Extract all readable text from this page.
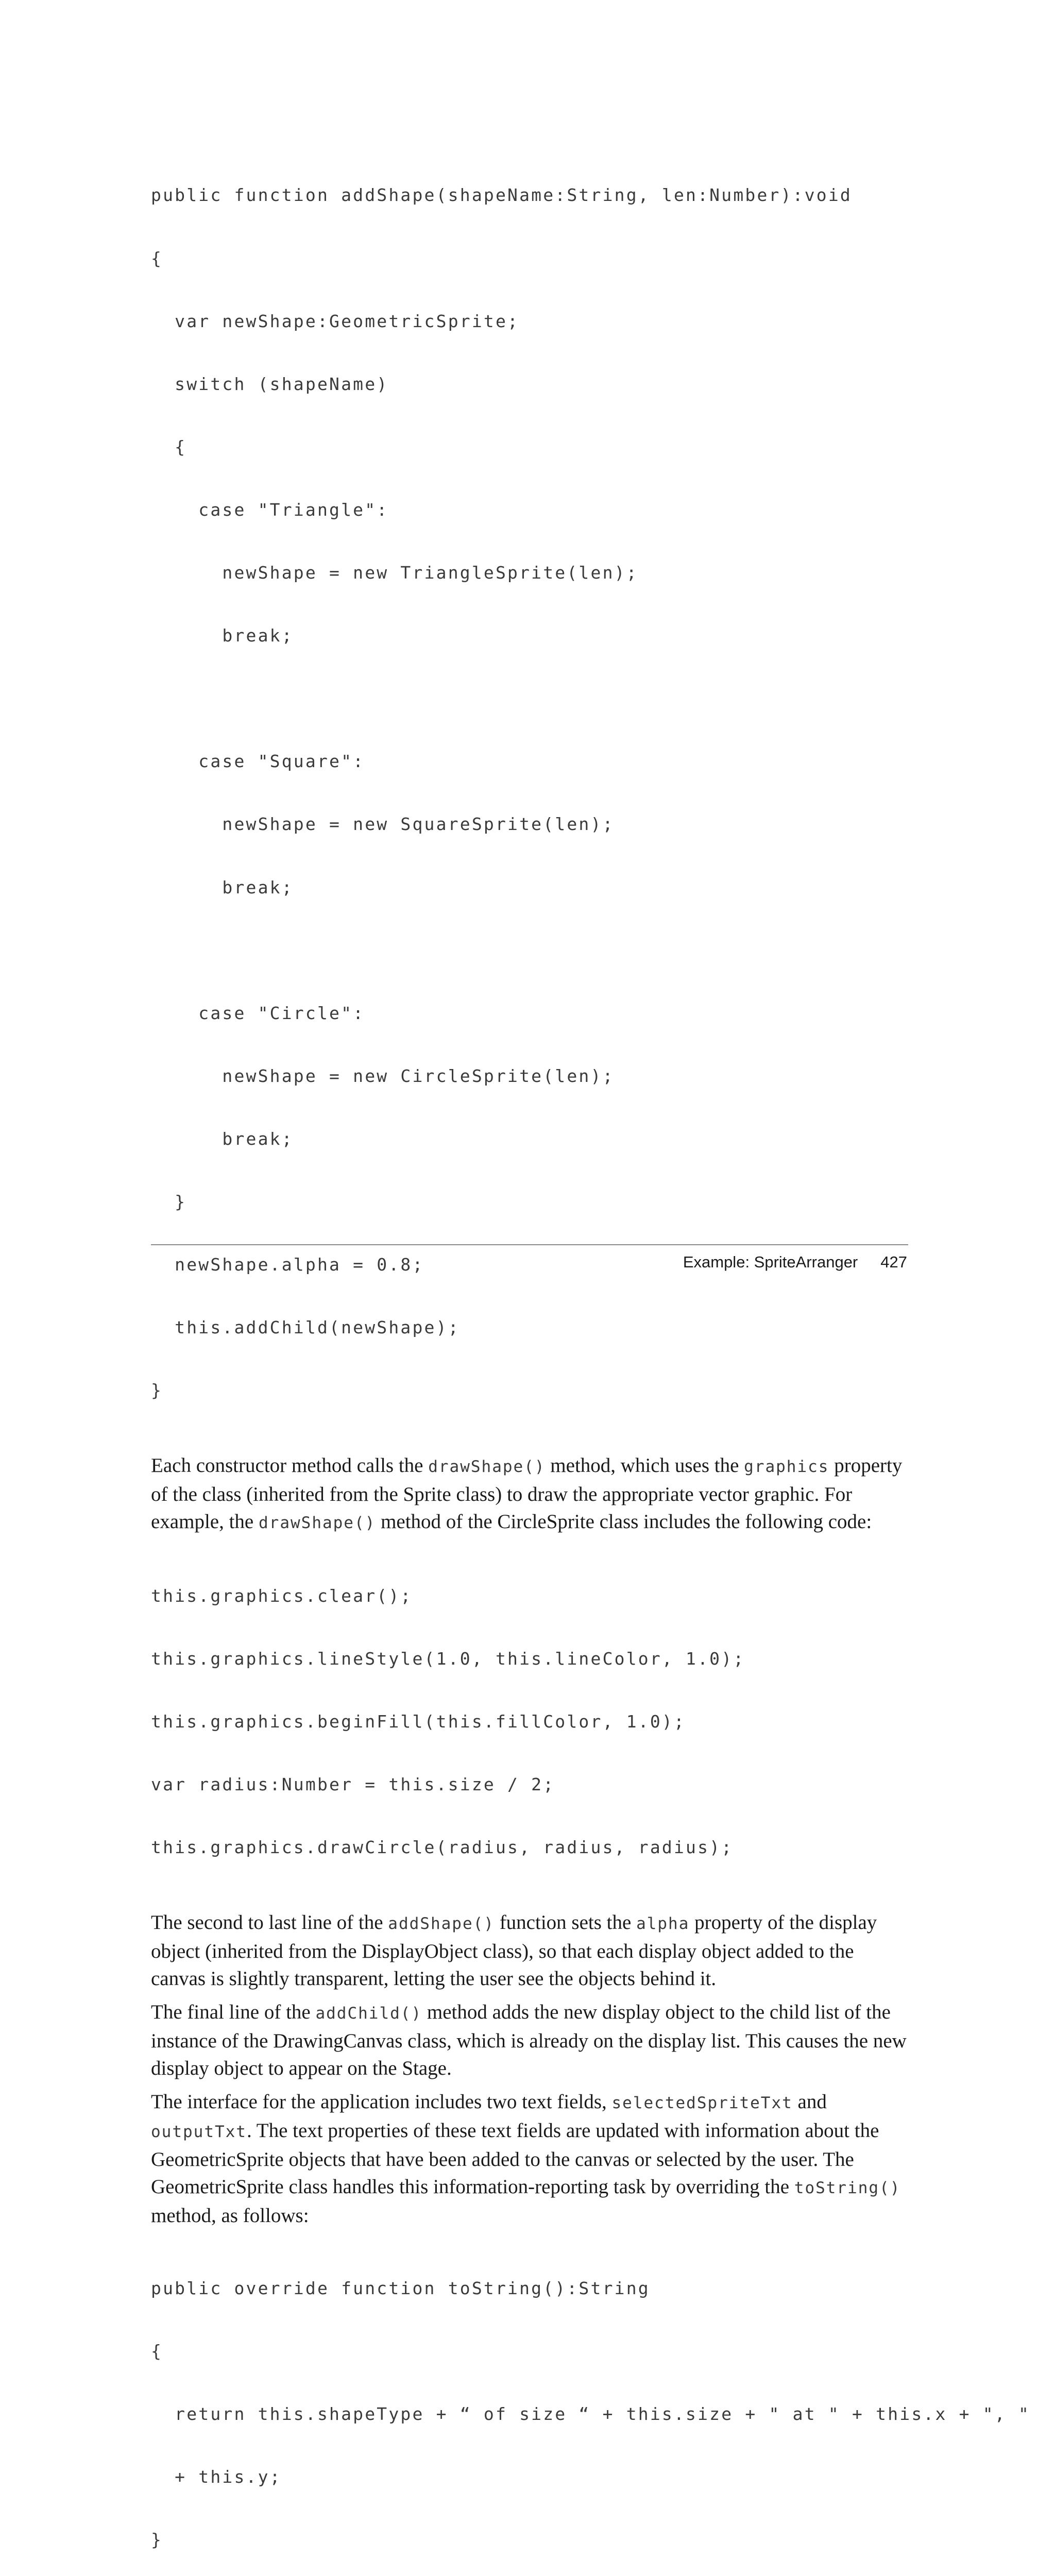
public function addShape(shapeName:String, len:Number):void

{

var newShape:GeometricSprite;

switch (shapeName)

{

case "Triangle":

newShape = new TriangleSprite(len);

break;

case "Square":

newShape = new SquareSprite(len);

break;

case "Circle":

newShape = new CircleSprite(len);

break;

}

newShape.alpha = 0.8;

this.addChild(newShape);

}

Each constructor method calls the drawShape() method, which uses the graphics property of the class (inherited from the Sprite class) to draw the appropriate vector graphic. For example, the drawShape() method of the CircleSprite class includes the following code:

this.graphics.clear();

this.graphics.lineStyle(1.0, this.lineColor, 1.0);

this.graphics.beginFill(this.fillColor, 1.0);

var radius:Number = this.size / 2;

this.graphics.drawCircle(radius, radius, radius);

The second to last line of the addShape() function sets the alpha property of the display object (inherited from the DisplayObject class), so that each display object added to the canvas is slightly transparent, letting the user see the objects behind it.

The final line of the addChild() method adds the new display object to the child list of the instance of the DrawingCanvas class, which is already on the display list. This causes the new display object to appear on the Stage.

The interface for the application includes two text fields, selectedSpriteTxt and outputTxt. The text properties of these text fields are updated with information about the GeometricSprite objects that have been added to the canvas or selected by the user. The GeometricSprite class handles this information-reporting task by overriding the toString() method, as follows:

public override function toString():String

{

return this.shapeType + “ of size “ + this.size + " at " + this.x + ", "

+ this.y;

}

Example: SpriteArranger 427
